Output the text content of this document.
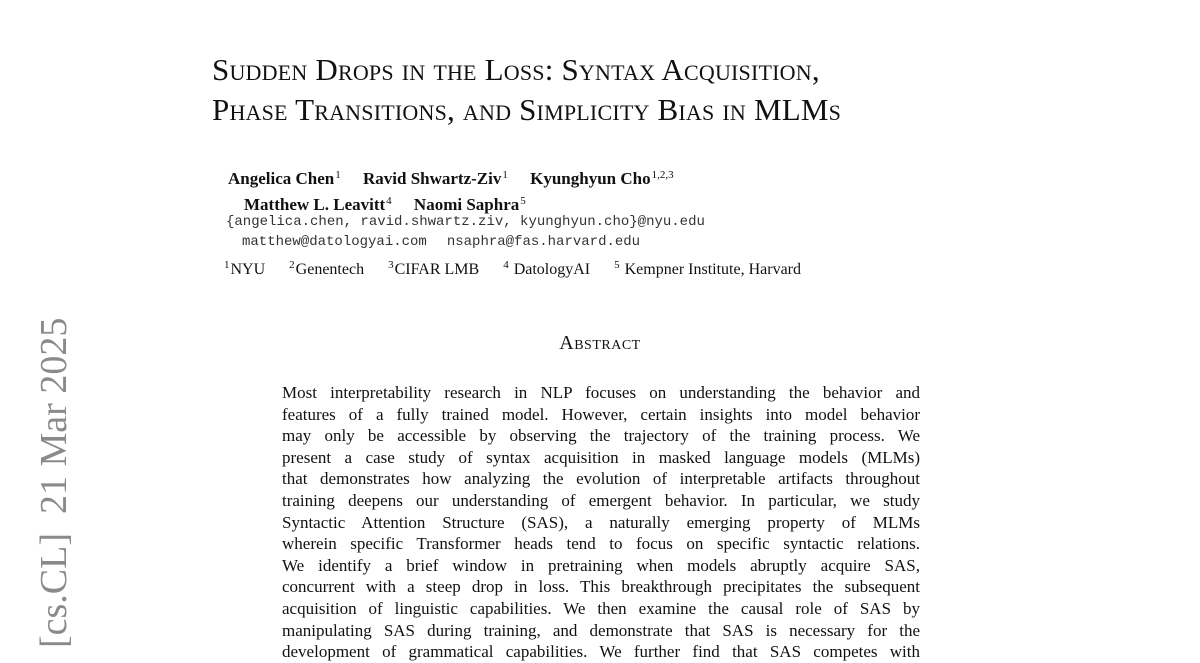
Sudden Drops in the Loss: Syntax Acquisition,
Phase Transitions, and Simplicity Bias in MLMs
Angelica Chen$^1$ Ravid Shwartz-Ziv$^1$ Kyunghyun Cho$^{1,2,3}$
Matthew L. Leavitt$^4$ Naomi Saphra$^5$
{angelica.chen, ravid.shwartz.ziv, kyunghyun.cho}@nyu.edu
matthew@datologyai.com nsaphra@fas.harvard.edu
$^1$NYU $^2$Genentech $^3$CIFAR LMB $^4$ DatologyAI $^5$ Kempner Institute, Harvard
Abstract
Most interpretability research in NLP focuses on understanding the behavior and
features of a fully trained model. However, certain insights into model behavior
may only be accessible by observing the trajectory of the training process. We
present a case study of syntax acquisition in masked language models (MLMs)
that demonstrates how analyzing the evolution of interpretable artifacts throughout
training deepens our understanding of emergent behavior. In particular, we study
Syntactic Attention Structure (SAS), a naturally emerging property of MLMs
wherein specific Transformer heads tend to focus on specific syntactic relations.
We identify a brief window in pretraining when models abruptly acquire SAS,
concurrent with a steep drop in loss. This breakthrough precipitates the subsequent
acquisition of linguistic capabilities. We then examine the causal role of SAS by
manipulating SAS during training, and demonstrate that SAS is necessary for the
development of grammatical capabilities. We further find that SAS competes with
[cs.CL]  21 Mar 2025
